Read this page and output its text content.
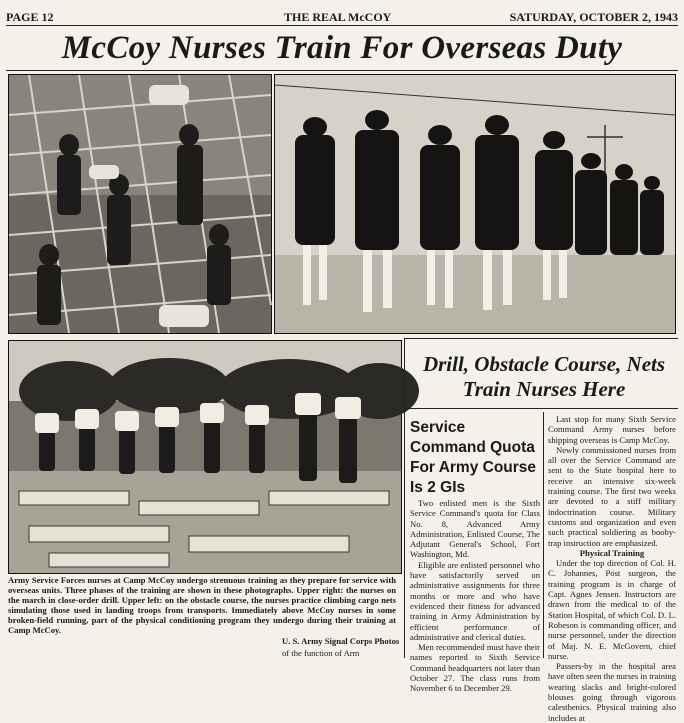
PAGE 12	THE REAL McCOY	SATURDAY, OCTOBER 2, 1943
McCoy Nurses Train For Overseas Duty
Army Service Forces nurses at Camp McCoy undergo strenuous training as they prepare for service with overseas units. Three phases of the training are shown in these photographs. Upper right: the nurses on the march in close-order drill. Upper left: on the obstacle course, the nurses practice climbing cargo nets simulating those used in landing troops from transports. Immediately above McCoy nurses in some broken-field running, part of the physical conditioning program they undergo during their training at Camp McCoy.
U. S. Army Signal Corps Photos
of the function of Arm
Drill, Obstacle Course, Nets Train Nurses Here
Service Command Quota For Army Course Is 2 GIs

Two enlisted men is the Sixth Service Command's quota for Class No. 8, Advanced Army Administration, Enlisted Course, The Adjutant General's School, Fort Washington, Md.

Eligible are enlisted personnel who have satisfactorily served on administrative assignments for three months or more and who have evidenced their fitness for advanced training in Army Administration by efficient performance of administrative and clerical duties.

Men recommended must have their names reported to Sixth Service Command headquarters not later than October 27. The class runs from November 6 to December 29.

Last stop for many Sixth Service Command Army nurses before shipping overseas is Camp McCoy.

Newly commissioned nurses from all over the Service Command are sent to the State hospital here to receive an intensive six-week training course. The first two weeks are devoted to a stiff military indoctrination course. Military customs and organization and even such practical soldiering as booby-trap instruction are emphasized.

Physical Training

Under the top direction of Col. H. C. Johannes, Post surgeon, the training program is in charge of Capt. Agnes Jensen. Instructors are drawn from the medical to of the Station Hospital, of which Col. D. L. Robeson is commanding officer, and nurse personnel, under the direction of Maj. N. E. McGovern, chief nurse.

Passers-by in the hospital area have often seen the nurses in training wearing slacks and bright-colored blouses going through vigorous calesthenics. Physical training also includes at
